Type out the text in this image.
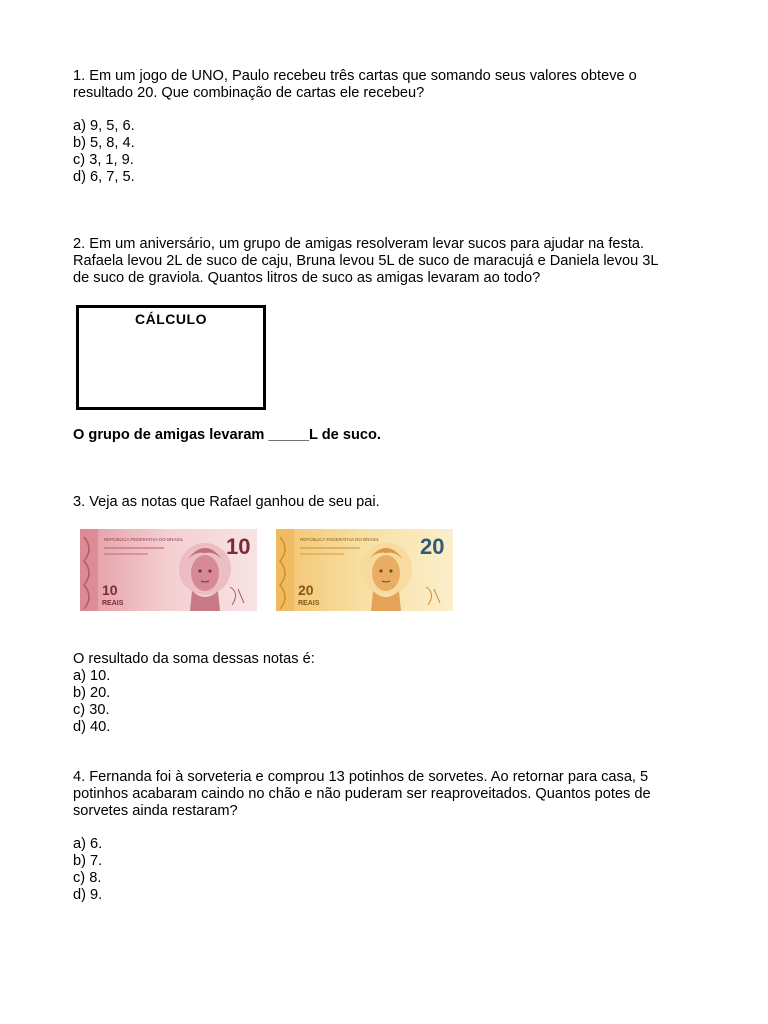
1. Em um jogo de UNO, Paulo recebeu três cartas que somando seus valores obteve o
resultado 20. Que combinação de cartas ele recebeu?
a) 9, 5, 6.
b) 5, 8, 4.
c) 3, 1, 9.
d) 6, 7, 5.
2. Em um aniversário, um grupo de amigas resolveram levar sucos para ajudar na festa.
Rafaela levou 2L de suco de caju, Bruna levou 5L de suco de maracujá e Daniela levou 3L
de suco de graviola. Quantos litros de suco as amigas levaram ao todo?
CÁLCULO
O grupo de amigas levaram _____L de suco.
3. Veja as notas que Rafael ganhou de seu pai.
REPÚBLICA FEDERATIVA DO BRASIL 10
10
REAIS
REPÚBLICA FEDERATIVA DO BRASIL 20
20
REAIS
O resultado da soma dessas notas é:
a) 10.
b) 20.
c) 30.
d) 40.
4. Fernanda foi à sorveteria e comprou 13 potinhos de sorvetes. Ao retornar para casa, 5
potinhos acabaram caindo no chão e não puderam ser reaproveitados. Quantos potes de
sorvetes ainda restaram?
a) 6.
b) 7.
c) 8.
d) 9.
